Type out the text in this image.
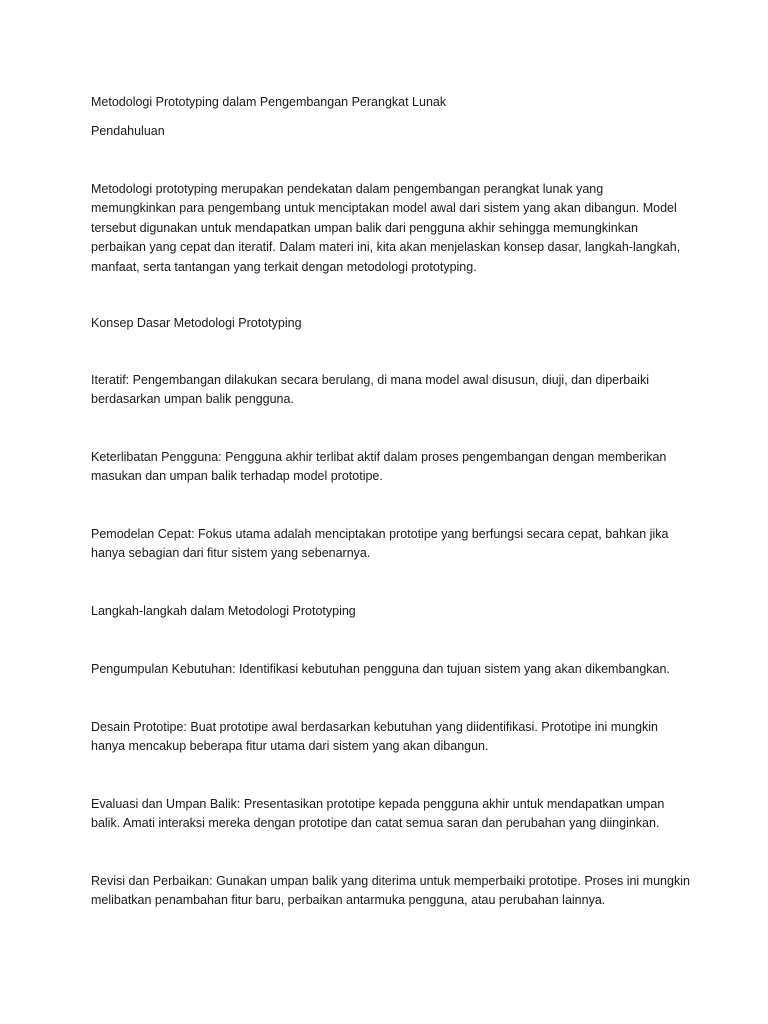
Metodologi Prototyping dalam Pengembangan Perangkat Lunak

Pendahuluan

Metodologi prototyping merupakan pendekatan dalam pengembangan perangkat lunak yang memungkinkan para pengembang untuk menciptakan model awal dari sistem yang akan dibangun. Model tersebut digunakan untuk mendapatkan umpan balik dari pengguna akhir sehingga memungkinkan perbaikan yang cepat dan iteratif. Dalam materi ini, kita akan menjelaskan konsep dasar, langkah-langkah, manfaat, serta tantangan yang terkait dengan metodologi prototyping.

Konsep Dasar Metodologi Prototyping

Iteratif: Pengembangan dilakukan secara berulang, di mana model awal disusun, diuji, dan diperbaiki berdasarkan umpan balik pengguna.

Keterlibatan Pengguna: Pengguna akhir terlibat aktif dalam proses pengembangan dengan memberikan masukan dan umpan balik terhadap model prototipe.

Pemodelan Cepat: Fokus utama adalah menciptakan prototipe yang berfungsi secara cepat, bahkan jika hanya sebagian dari fitur sistem yang sebenarnya.

Langkah-langkah dalam Metodologi Prototyping

Pengumpulan Kebutuhan: Identifikasi kebutuhan pengguna dan tujuan sistem yang akan dikembangkan.

Desain Prototipe: Buat prototipe awal berdasarkan kebutuhan yang diidentifikasi. Prototipe ini mungkin hanya mencakup beberapa fitur utama dari sistem yang akan dibangun.

Evaluasi dan Umpan Balik: Presentasikan prototipe kepada pengguna akhir untuk mendapatkan umpan balik. Amati interaksi mereka dengan prototipe dan catat semua saran dan perubahan yang diinginkan.

Revisi dan Perbaikan: Gunakan umpan balik yang diterima untuk memperbaiki prototipe. Proses ini mungkin melibatkan penambahan fitur baru, perbaikan antarmuka pengguna, atau perubahan lainnya.
